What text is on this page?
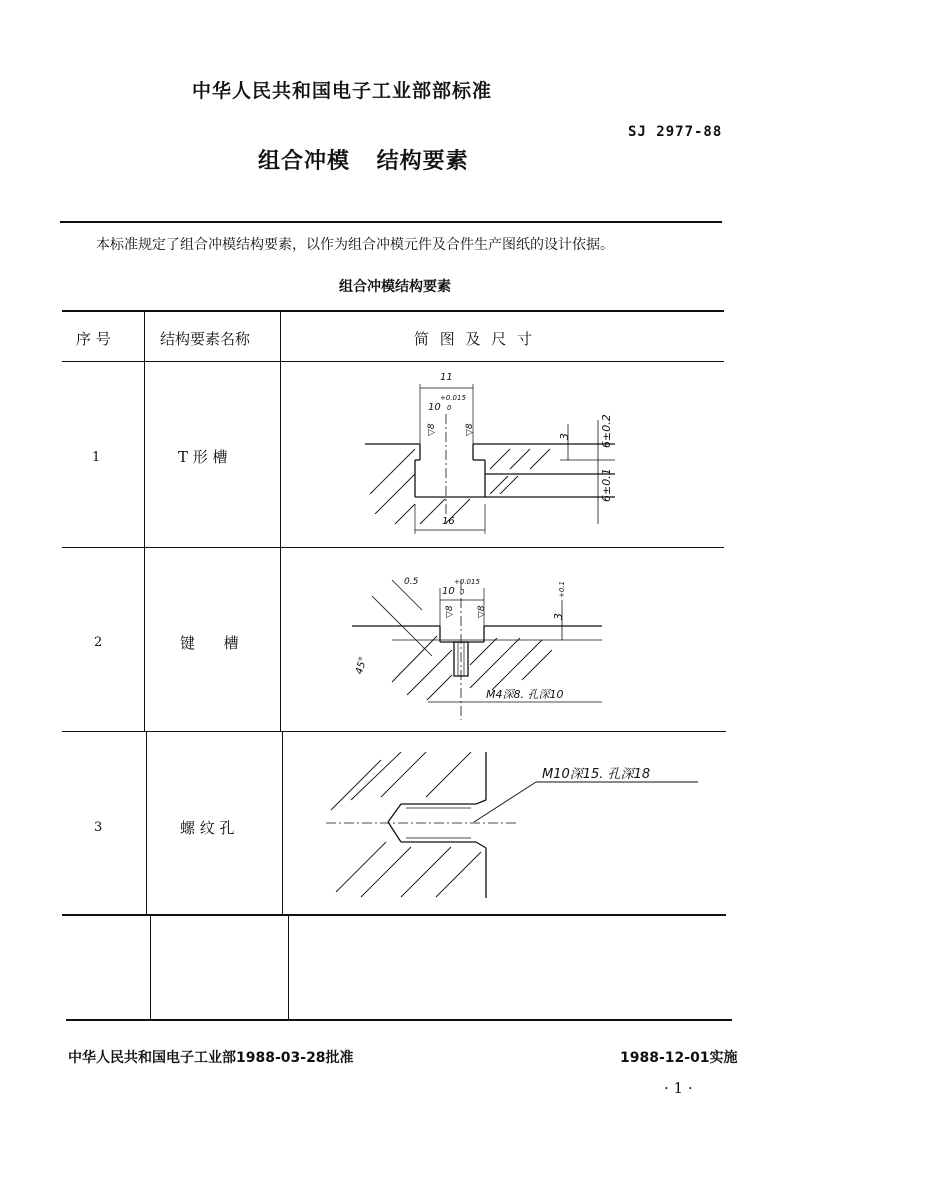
中华人民共和国电子工业部部标准
SJ 2977-88
组合冲模 结构要素
本标准规定了组合冲模结构要素，以作为组合冲模元件及合件生产图纸的设计依据。
组合冲模结构要素
序 号	结构要素名称	简 图 及 尺 寸
1	T 形 槽
2	键      槽
3	螺 纹 孔
11
10
+0.015
0
▽8	▽8
3	6±0.2
6±0.1
16
0.5
10
+0.015
0
▽8 ▽8	3
+0.1
45°
M4深8. 孔深10
M10深15. 孔深18
中华人民共和国电子工业部1988-03-28批准	1988-12-01实施
· 1 ·
